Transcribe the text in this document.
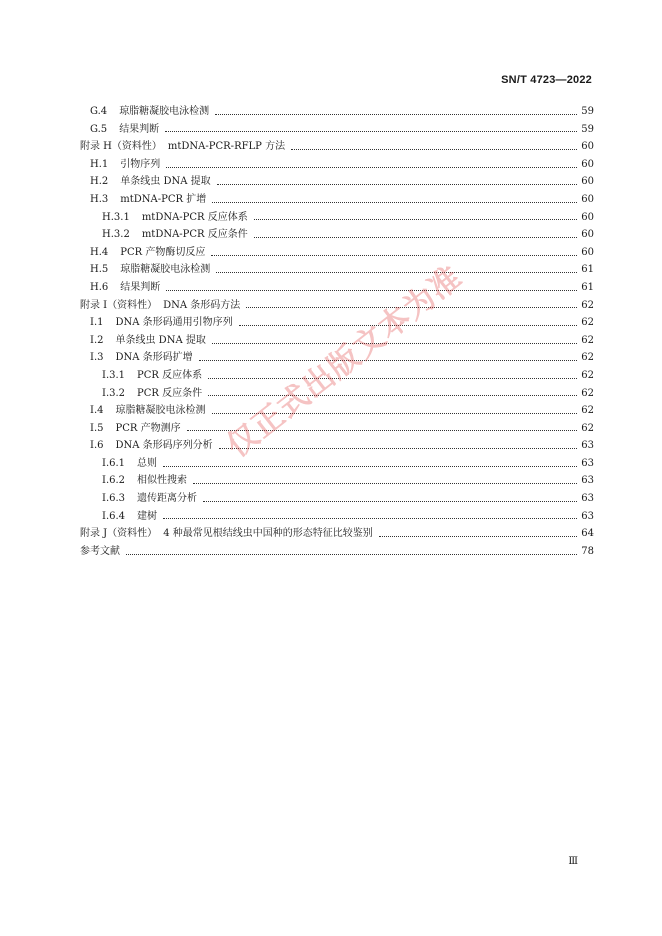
SN/T 4723—2022
G.4 琼脂糖凝胶电泳检测	59
G.5 结果判断	59
附录 H（资料性） mtDNA-PCR-RFLP 方法	60
H.1 引物序列	60
H.2 单条线虫 DNA 提取	60
H.3 mtDNA-PCR 扩增	60
H.3.1 mtDNA-PCR 反应体系	60
H.3.2 mtDNA-PCR 反应条件	60
H.4 PCR 产物酶切反应	60
H.5 琼脂糖凝胶电泳检测	61
H.6 结果判断	61
附录 I（资料性） DNA 条形码方法	62
I.1 DNA 条形码通用引物序列	62
I.2 单条线虫 DNA 提取	62
I.3 DNA 条形码扩增	62
I.3.1 PCR 反应体系	62
I.3.2 PCR 反应条件	62
I.4 琼脂糖凝胶电泳检测	62
I.5 PCR 产物测序	62
I.6 DNA 条形码序列分析	63
I.6.1 总则	63
I.6.2 相似性搜索	63
I.6.3 遗传距离分析	63
I.6.4 建树	63
附录 J（资料性） 4 种最常见根结线虫中国种的形态特征比较鉴别	64
参考文献	78
仅正式出版文本为准
Ⅲ
